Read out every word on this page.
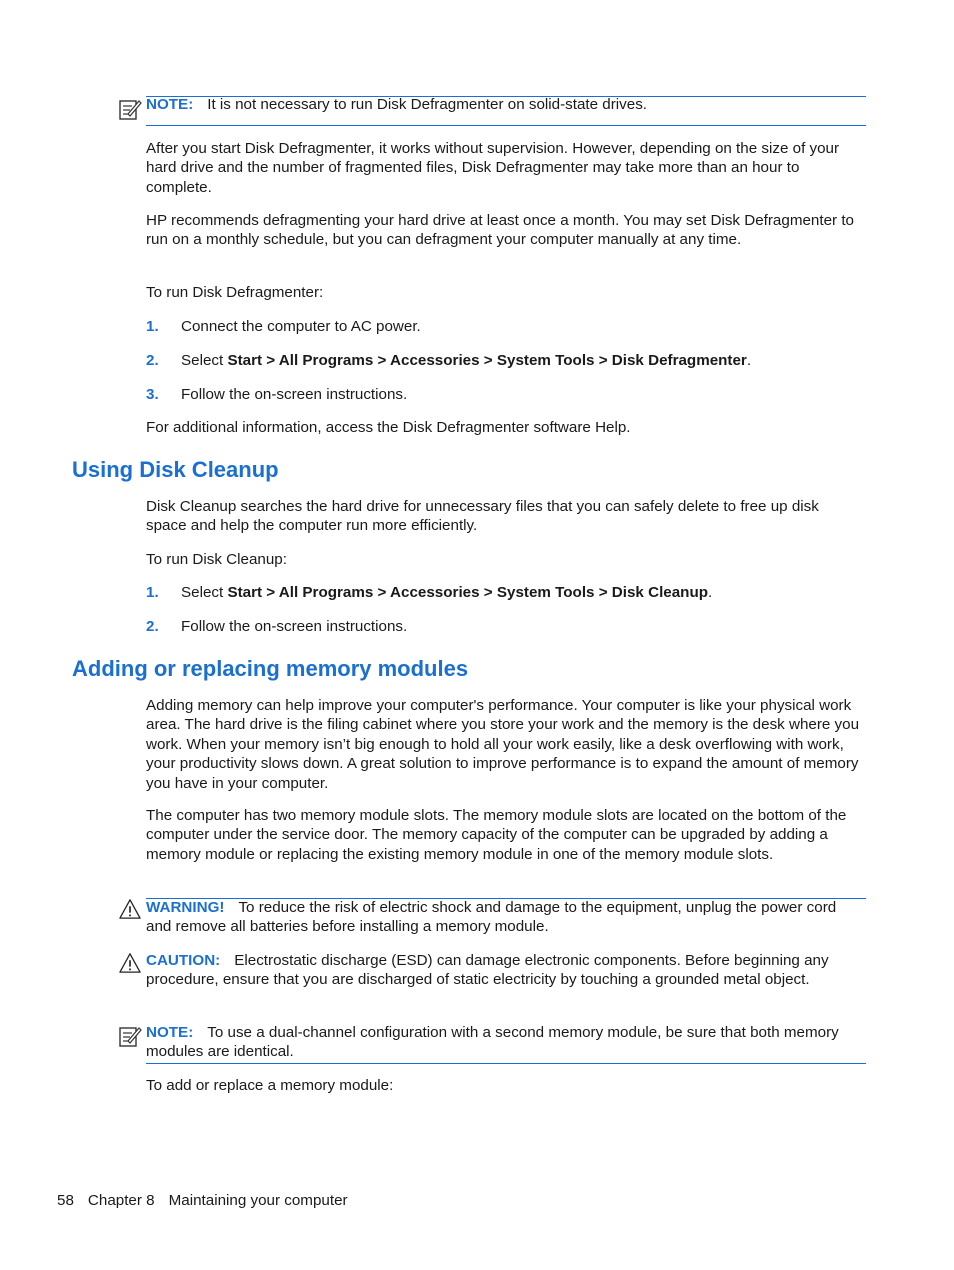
NOTE: It is not necessary to run Disk Defragmenter on solid-state drives.

After you start Disk Defragmenter, it works without supervision. However, depending on the size of your hard drive and the number of fragmented files, Disk Defragmenter may take more than an hour to complete.

HP recommends defragmenting your hard drive at least once a month. You may set Disk Defragmenter to run on a monthly schedule, but you can defragment your computer manually at any time.

To run Disk Defragmenter:

1. Connect the computer to AC power.
2. Select Start > All Programs > Accessories > System Tools > Disk Defragmenter.
3. Follow the on-screen instructions.

For additional information, access the Disk Defragmenter software Help.

Using Disk Cleanup

Disk Cleanup searches the hard drive for unnecessary files that you can safely delete to free up disk space and help the computer run more efficiently.

To run Disk Cleanup:

1. Select Start > All Programs > Accessories > System Tools > Disk Cleanup.
2. Follow the on-screen instructions.
Adding or replacing memory modules

Adding memory can help improve your computer's performance. Your computer is like your physical work area. The hard drive is the filing cabinet where you store your work and the memory is the desk where you work. When your memory isn’t big enough to hold all your work easily, like a desk overflowing with work, your productivity slows down. A great solution to improve performance is to expand the amount of memory you have in your computer.

The computer has two memory module slots. The memory module slots are located on the bottom of the computer under the service door. The memory capacity of the computer can be upgraded by adding a memory module or replacing the existing memory module in one of the memory module slots.

WARNING! To reduce the risk of electric shock and damage to the equipment, unplug the power cord and remove all batteries before installing a memory module.

CAUTION: Electrostatic discharge (ESD) can damage electronic components. Before beginning any procedure, ensure that you are discharged of static electricity by touching a grounded metal object.

NOTE: To use a dual-channel configuration with a second memory module, be sure that both memory modules are identical.

To add or replace a memory module:

58 Chapter 8 Maintaining your computer
